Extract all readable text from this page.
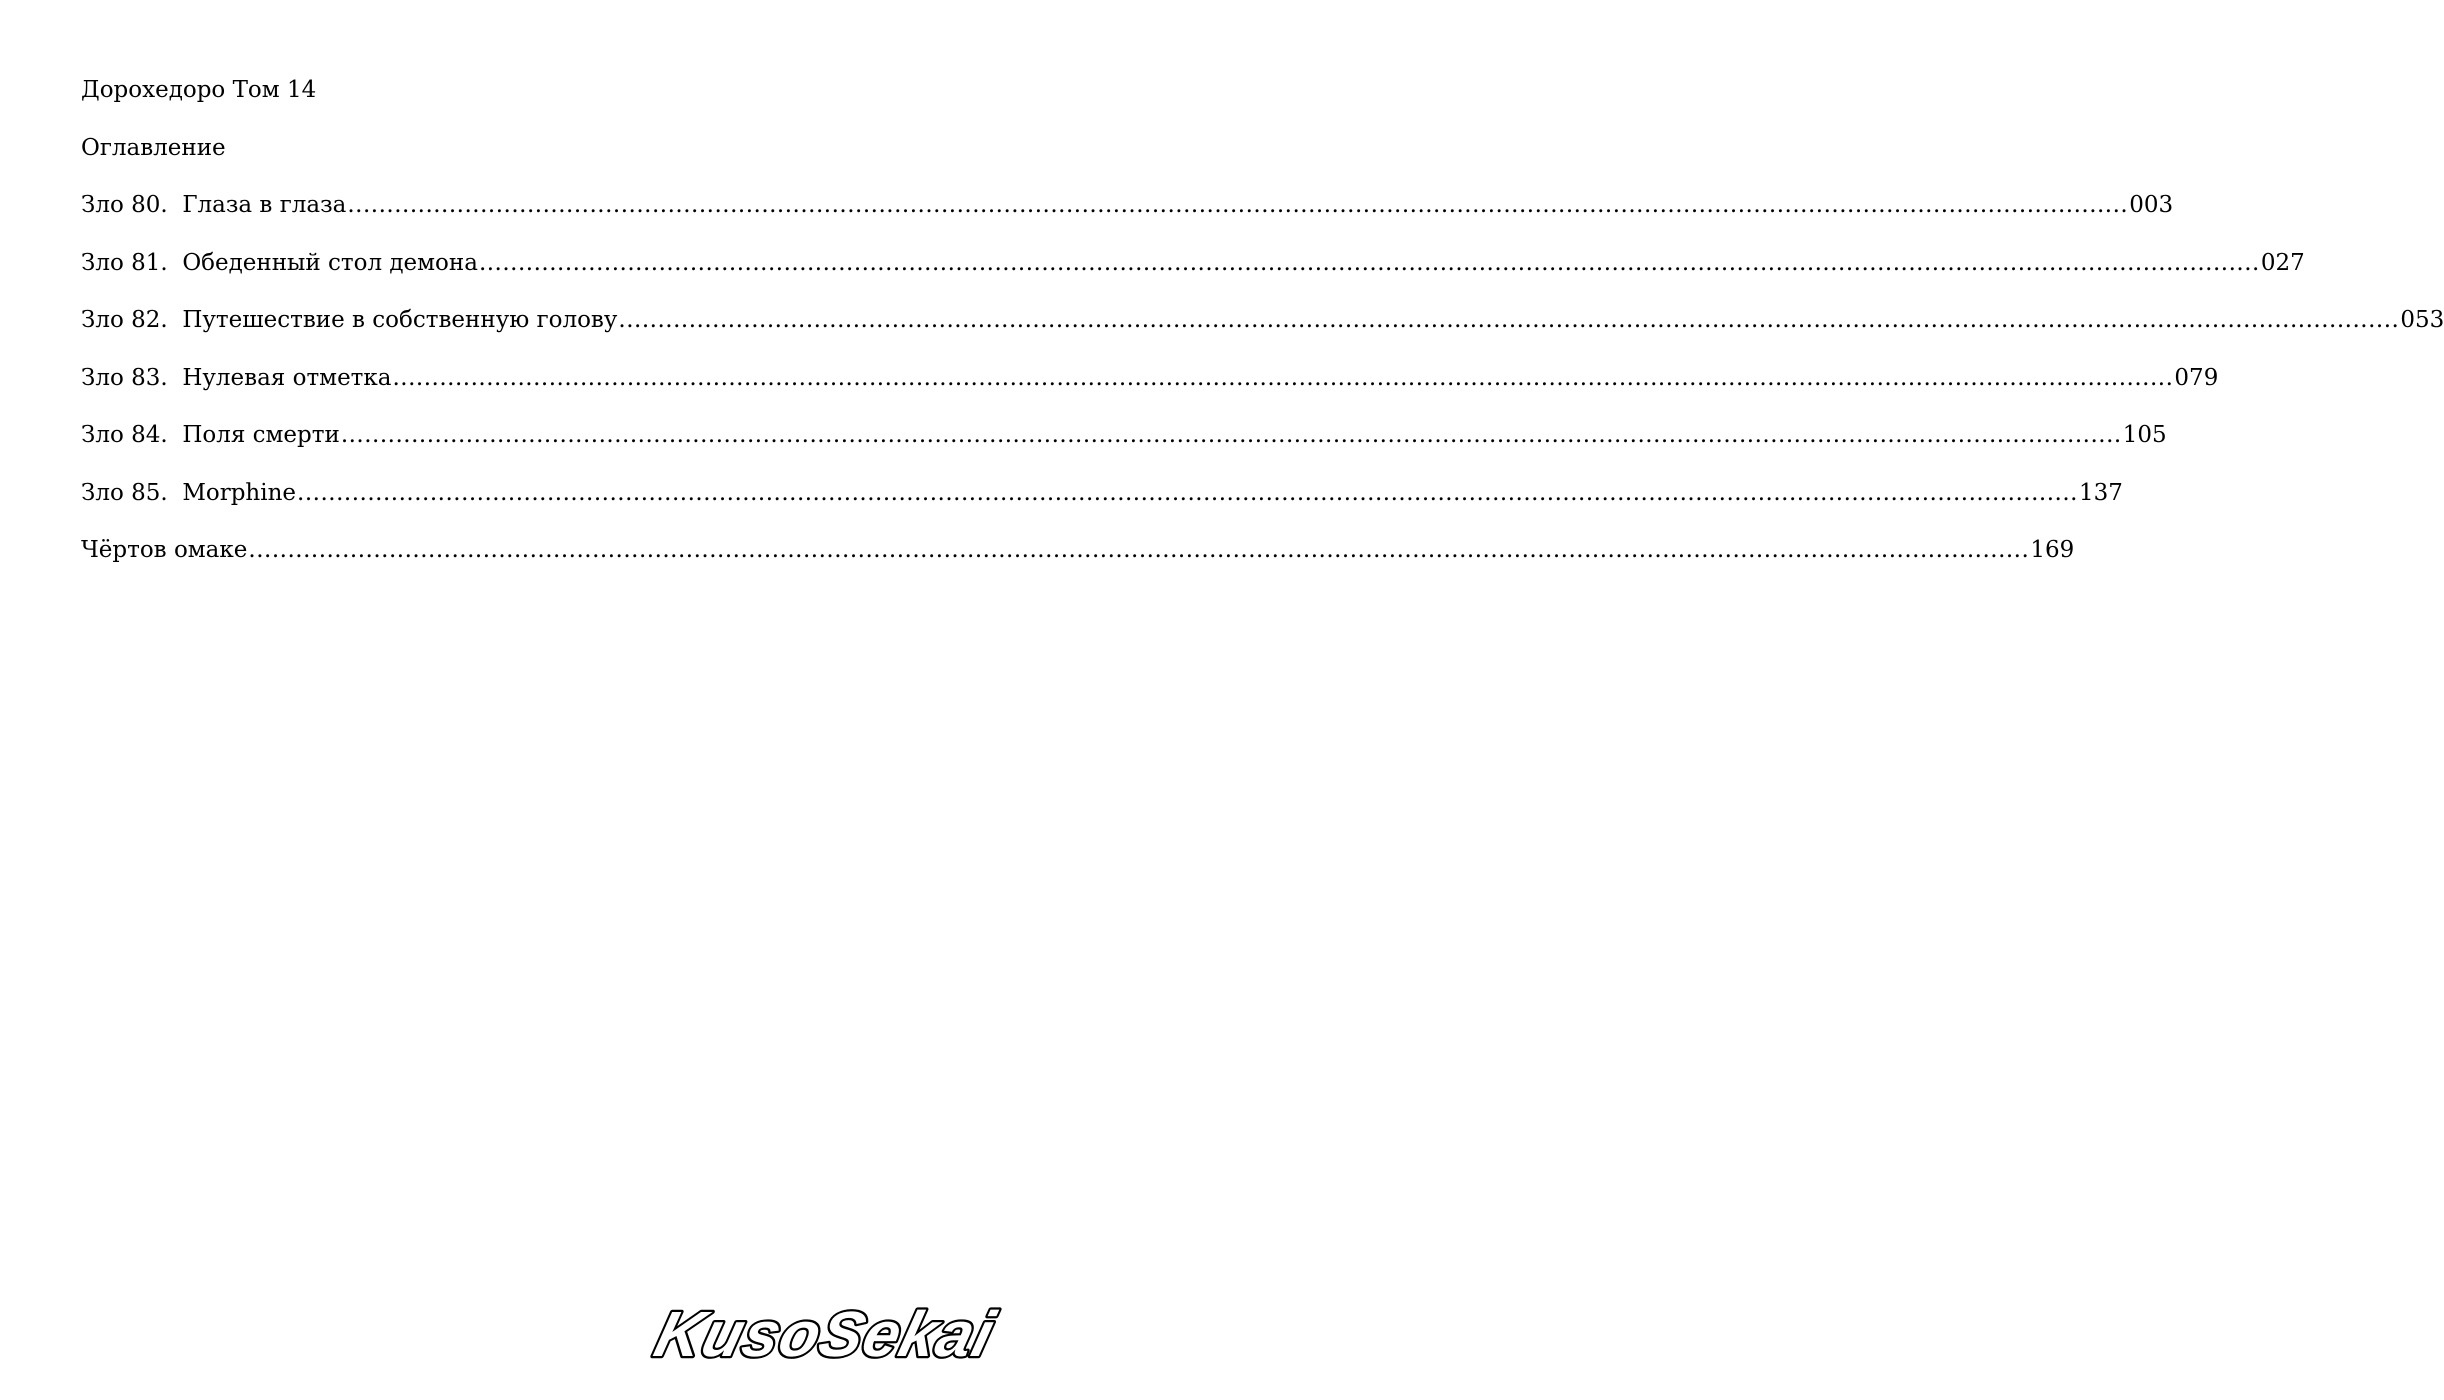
Дорохедоро Том 14
Оглавление
Зло 80. Глаза в глаза .....	003
Зло 81. Обеденный стол демона .....	027
Зло 82. Путешествие в собственную голову .....	053
Зло 83. Нулевая отметка .....	079
Зло 84. Поля смерти .....	105
Зло 85. Morphine .....	137
Чёртов омаке .....	169
KusoSekai
